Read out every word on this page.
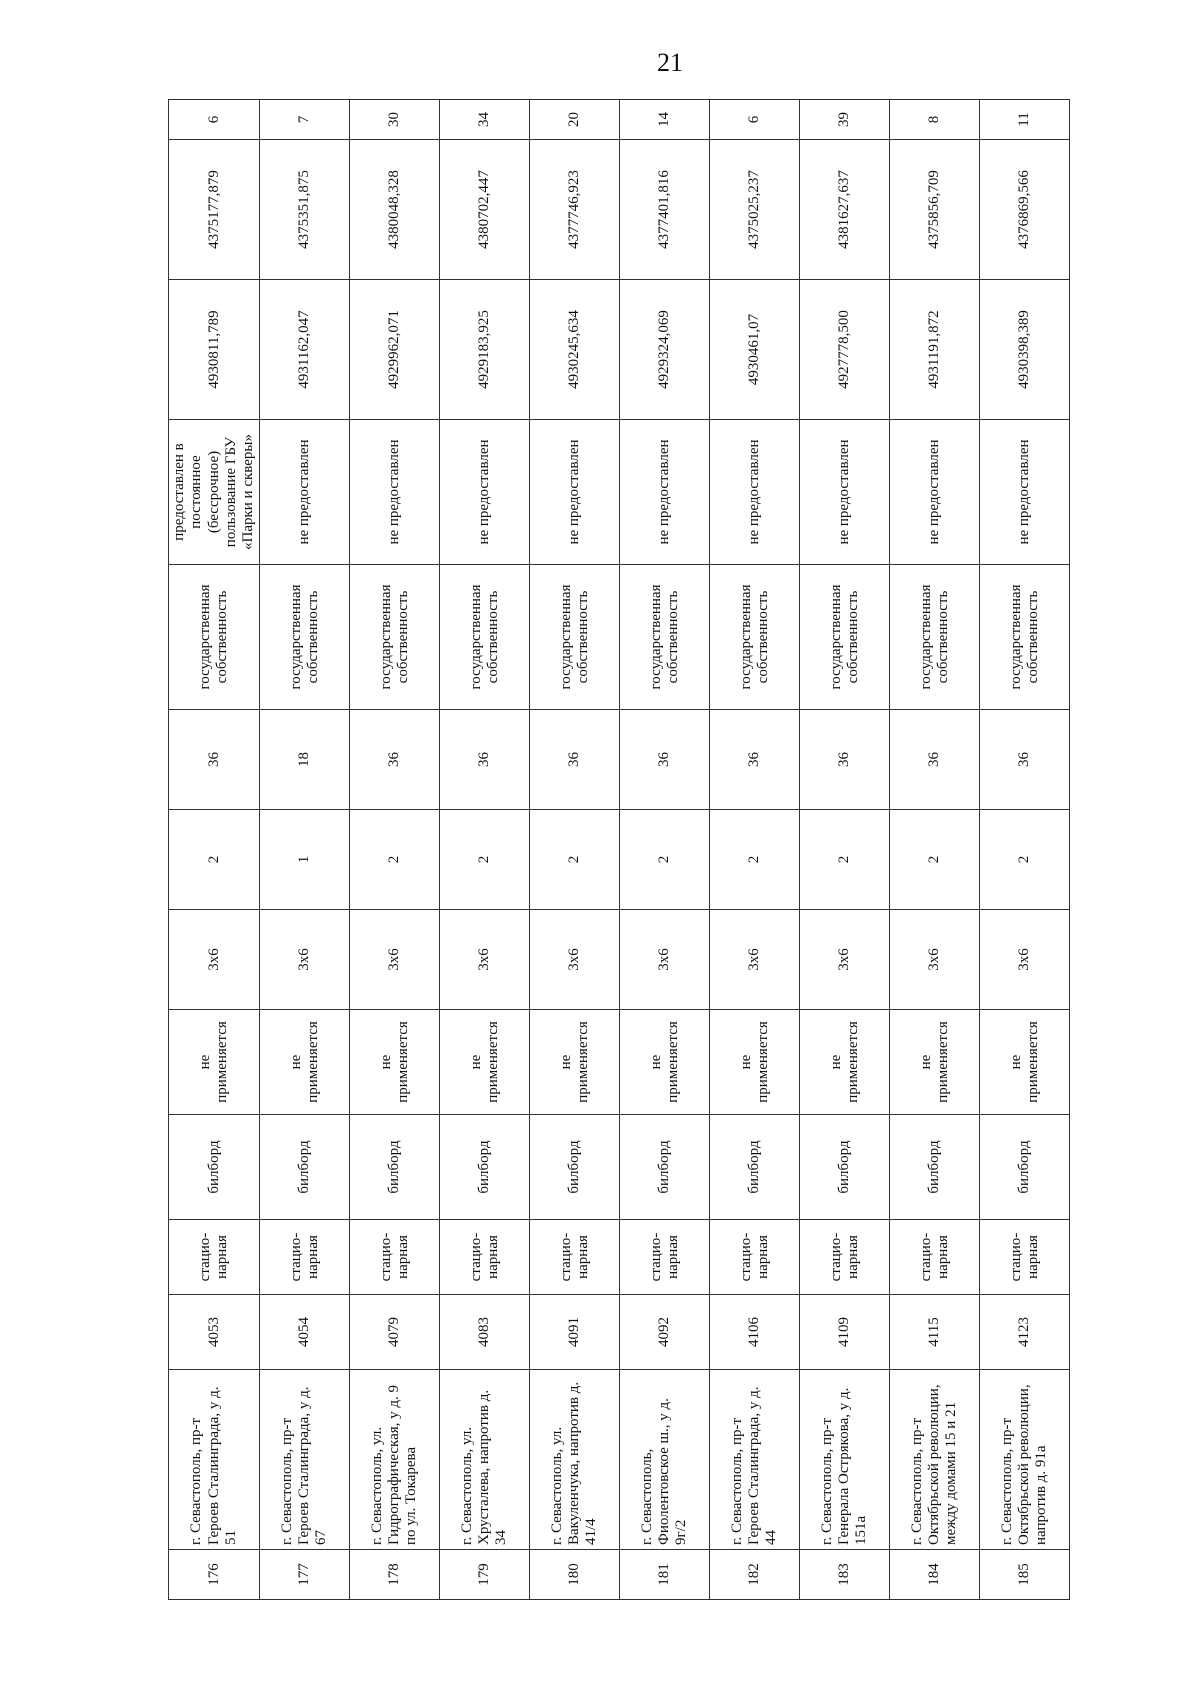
21
176	г. Севастополь, пр-т Героев Сталинграда, у д. 51	4053	стацио-нарная	билборд	не применяется	3х6	2	36	государственная собственность	предоставлен в постоянное (бессрочное) пользование ГБУ «Парки и скверы»	4930811,789	4375177,879	6
177	г. Севастополь, пр-т Героев Сталинграда, у д. 67	4054	стацио-нарная	билборд	не применяется	3х6	1	18	государственная собственность	не предоставлен	4931162,047	4375351,875	7
178	г. Севастополь, ул. Гидрографическая, у д. 9 по ул. Токарева	4079	стацио-нарная	билборд	не применяется	3х6	2	36	государственная собственность	не предоставлен	4929962,071	4380048,328	30
179	г. Севастополь, ул. Хрусталева, напротив д. 34	4083	стацио-нарная	билборд	не применяется	3х6	2	36	государственная собственность	не предоставлен	4929183,925	4380702,447	34
180	г. Севастополь, ул. Вакуленчука, напротив д. 41/4	4091	стацио-нарная	билборд	не применяется	3х6	2	36	государственная собственность	не предоставлен	4930245,634	4377746,923	20
181	г. Севастополь, Фиолентовское ш., у д. 9г/2	4092	стацио-нарная	билборд	не применяется	3х6	2	36	государственная собственность	не предоставлен	4929324,069	4377401,816	14
182	г. Севастополь, пр-т Героев Сталинграда, у д. 44	4106	стацио-нарная	билборд	не применяется	3х6	2	36	государственная собственность	не предоставлен	4930461,07	4375025,237	6
183	г. Севастополь, пр-т Генерала Острякова, у д. 151а	4109	стацио-нарная	билборд	не применяется	3х6	2	36	государственная собственность	не предоставлен	4927778,500	4381627,637	39
184	г. Севастополь, пр-т Октябрьской революции, между домами 15 и 21	4115	стацио-нарная	билборд	не применяется	3х6	2	36	государственная собственность	не предоставлен	4931191,872	4375856,709	8
185	г. Севастополь, пр-т Октябрьской революции, напротив д. 91а	4123	стацио-нарная	билборд	не применяется	3х6	2	36	государственная собственность	не предоставлен	4930398,389	4376869,566	11
